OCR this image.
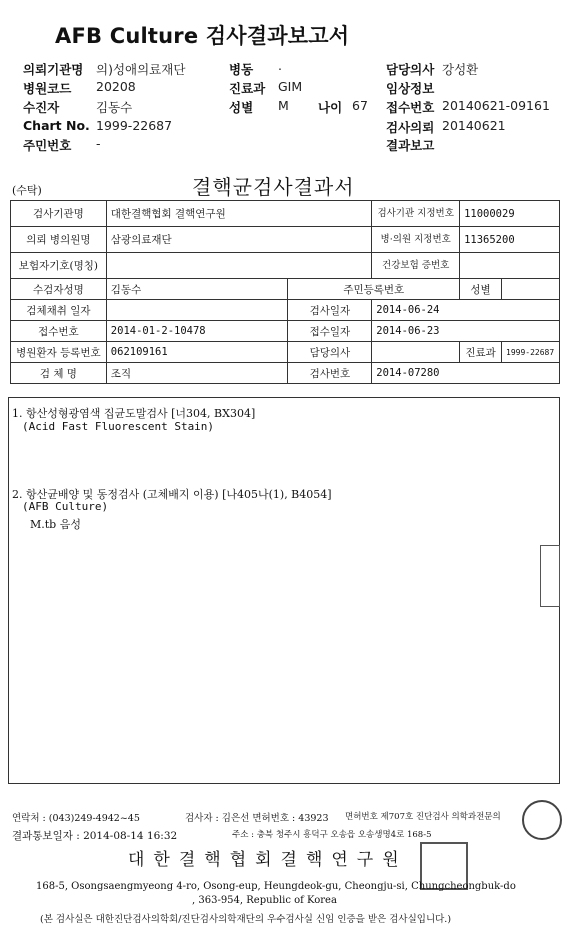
AFB Culture 검사결과보고서
의뢰기관명 의)성애의료재단	병동 .	담당의사 강성환
병원코드 20208	진료과 GIM	임상정보
수진자	김동수	성별 M 나이 67 접수번호 20140621-09161
Chart No. 1999-22687	검사의뢰 20140621
주민번호 -	결과보고
(수탁)	결핵균검사결과서
검사기관명	대한결핵협회 결핵연구원		검사기관 지정번호	11000029	
의뢰 병의원명	삼광의료재단		병·의원 지정번호	11365200	
보험자기호(명칭)			건강보험 증번호		
수검자성명	김동수	주민등록번호		성별	
검체채취 일자		검사일자	2014-06-24		
접수번호	2014-01-2-10478	접수일자	2014-06-23		
병원환자 등록번호	062109161	담당의사		진료과	1999-22687
검 체 명	조직	검사번호	2014-07280		
1. 항산성형광염색 집균도말검사 [너304, BX304]
(Acid Fast Fluorescent Stain)
2. 항산균배양 및 동정검사 (고체배지 이용) [나405나(1), B4054]
(AFB Culture)
M.tb 음성
연락처 : (043)249-4942~45	검사자 : 김은선 면허번호 : 43923 면허번호 제707호 진단검사 의학과전문의
결과통보일자 : 2014-08-14 16:32	주소 : 충북 청주시 흥덕구 오송읍 오송생명4로 168-5
대한결핵협회결핵연구원
168-5, Osongsaengmyeong 4-ro, Osong-eup, Heungdeok-gu, Cheongju-si, Chungcheongbuk-do
, 363-954, Republic of Korea
(본 검사실은 대한진단검사의학회/진단검사의학재단의 우수검사실 신임 인증을 받은 검사실입니다.)
